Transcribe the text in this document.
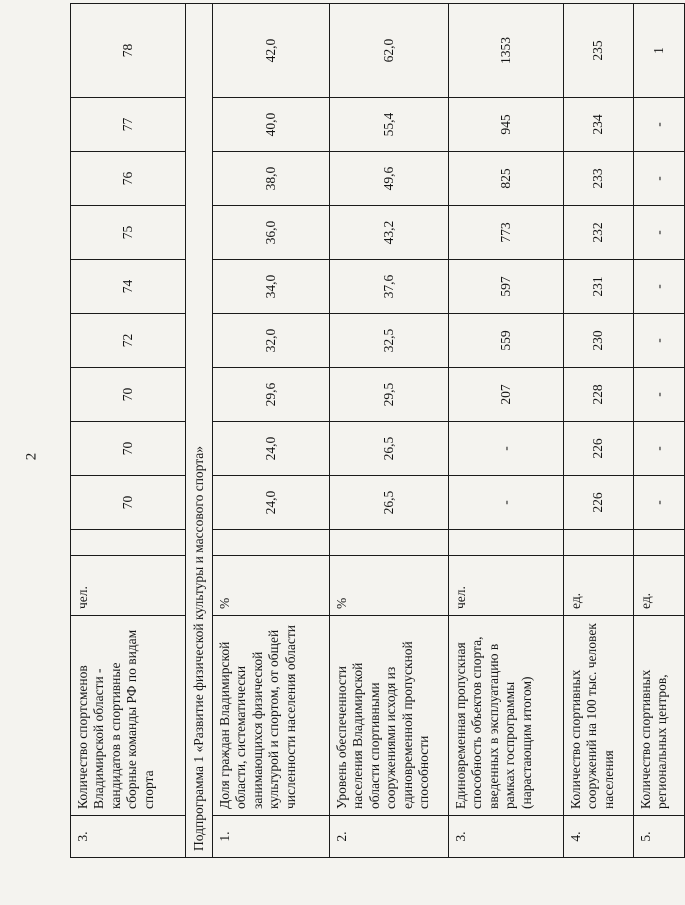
2
3.	Количество спортсменов Владимирской области - кандидатов в спортивные сборные команды РФ по видам спорта	чел.		70	70	70	72	74	75	76	77	78
Подпрограмма 1 «Развитие физической культуры и массового спорта»												
1.	Доля граждан Владимирской области, систематически занимающихся физической культурой и спортом, от общей численности населения области	%		24,0	24,0	29,6	32,0	34,0	36,0	38,0	40,0	42,0
2.	Уровень обеспеченности населения Владимирской области спортивными сооружениями исходя из единовременной пропускной способности	%		26,5	26,5	29,5	32,5	37,6	43,2	49,6	55,4	62,0
3.	Единовременная пропускная способность объектов спорта, введенных в эксплуатацию в рамках госпрограммы (нарастающим итогом)	чел.		-	-	207	559	597	773	825	945	1353
4.	Количество спортивных сооружений на 100 тыс. человек населения	ед.		226	226	228	230	231	232	233	234	235
5.	Количество спортивных региональных центров,	ед.		-	-	-	-	-	-	-	-	1
